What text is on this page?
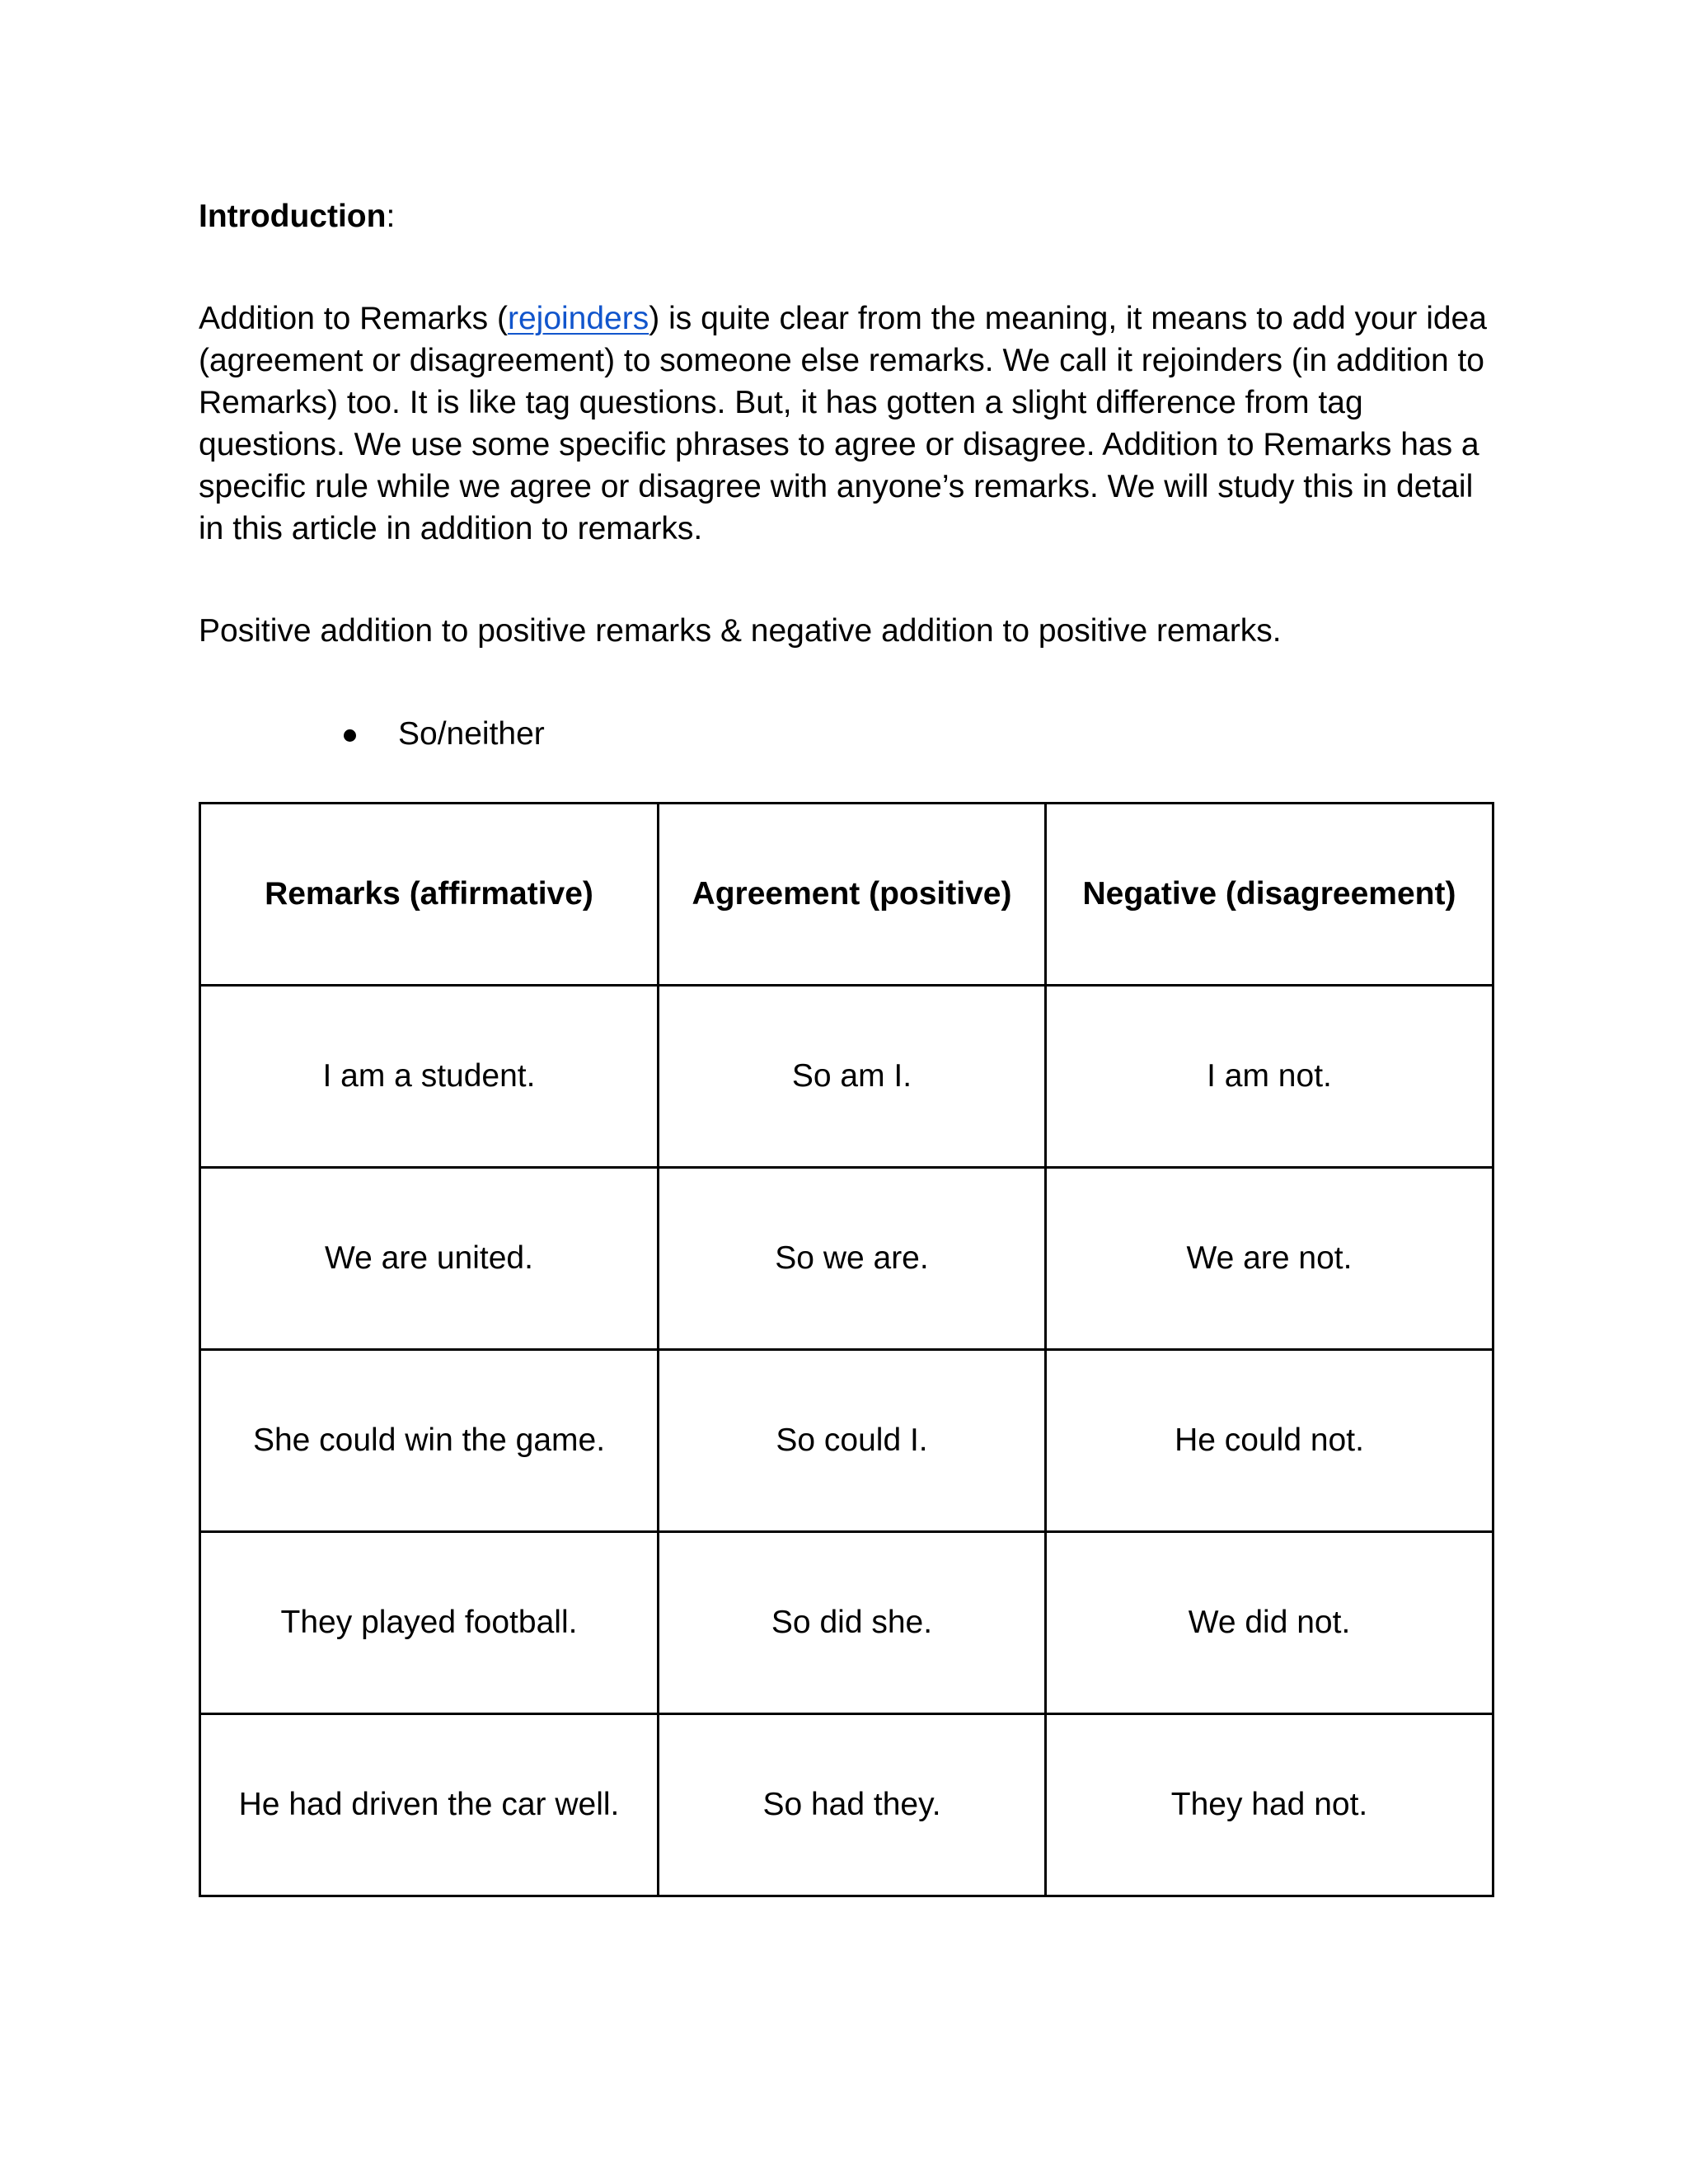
Introduction:

Addition to Remarks (rejoinders) is quite clear from the meaning, it means to add your idea (agreement or disagreement) to someone else remarks. We call it rejoinders (in addition to Remarks) too. It is like tag questions. But, it has gotten a slight difference from tag questions. We use some specific phrases to agree or disagree. Addition to Remarks has a specific rule while we agree or disagree with anyone’s remarks. We will study this in detail in this article in addition to remarks.

Positive addition to positive remarks & negative addition to positive remarks.

So/neither
Remarks (affirmative)	Agreement (positive)	Negative (disagreement)
I am a student.	So am I.	I am not.
We are united.	So we are.	We are not.
She could win the game.	So could I.	He could not.
They played football.	So did she.	We did not.
He had driven the car well.	So had they.	They had not.
